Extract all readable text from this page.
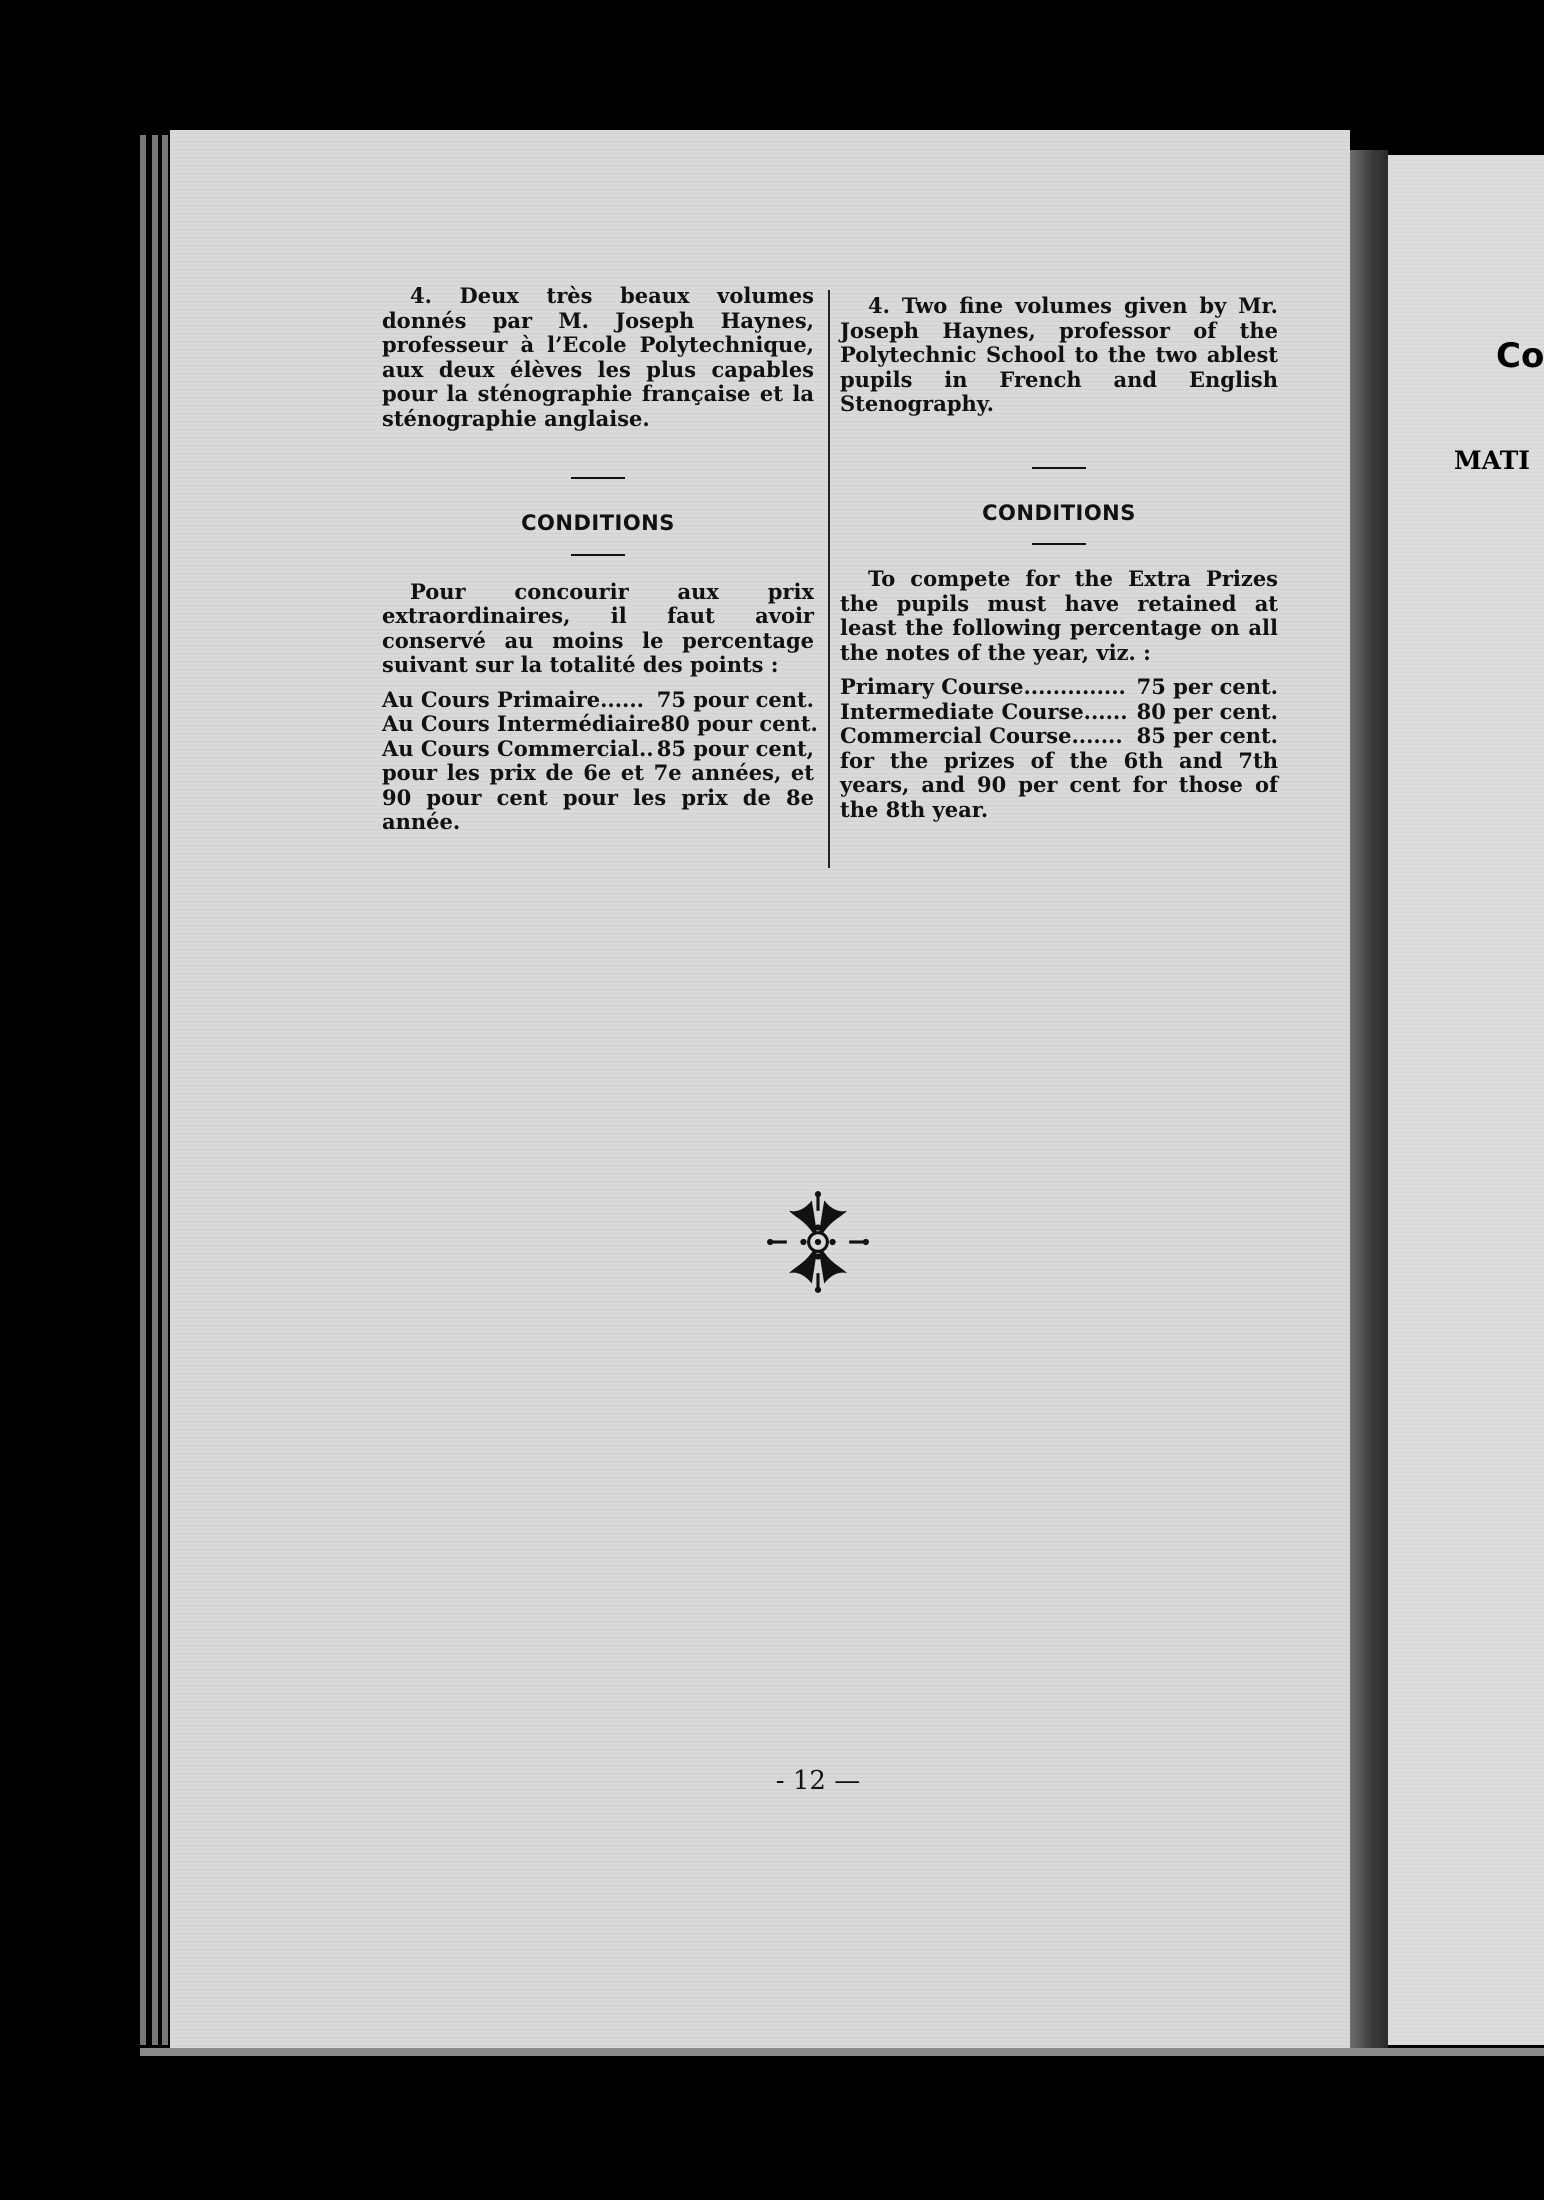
4. Deux très beaux volumes donnés par M. Joseph Haynes, professeur à l’Ecole Polytechnique, aux deux élèves les plus capables pour la sténographie française et la sténographie anglaise.

CONDITIONS

Pour concourir aux prix extraordinaires, il faut avoir conservé au moins le percentage suivant sur la totalité des points :

Au Cours Primaire...... 75 pour cent.
Au Cours Intermédiaire 80 pour cent.
Au Cours Commercial.. 85 pour cent,

pour les prix de 6e et 7e années, et 90 pour cent pour les prix de 8e année.

4. Two fine volumes given by Mr. Joseph Haynes, professor of the Polytechnic School to the two ablest pupils in French and English Stenography.

CONDITIONS

To compete for the Extra Prizes the pupils must have retained at least the following percentage on all the notes of the year, viz. :

Primary Course.............. 75 per cent.
Intermediate Course...... 80 per cent.
Commercial Course....... 85 per cent.

for the prizes of the 6th and 7th years, and 90 per cent for those of the 8th year.

- 12 —
Co
MATI
